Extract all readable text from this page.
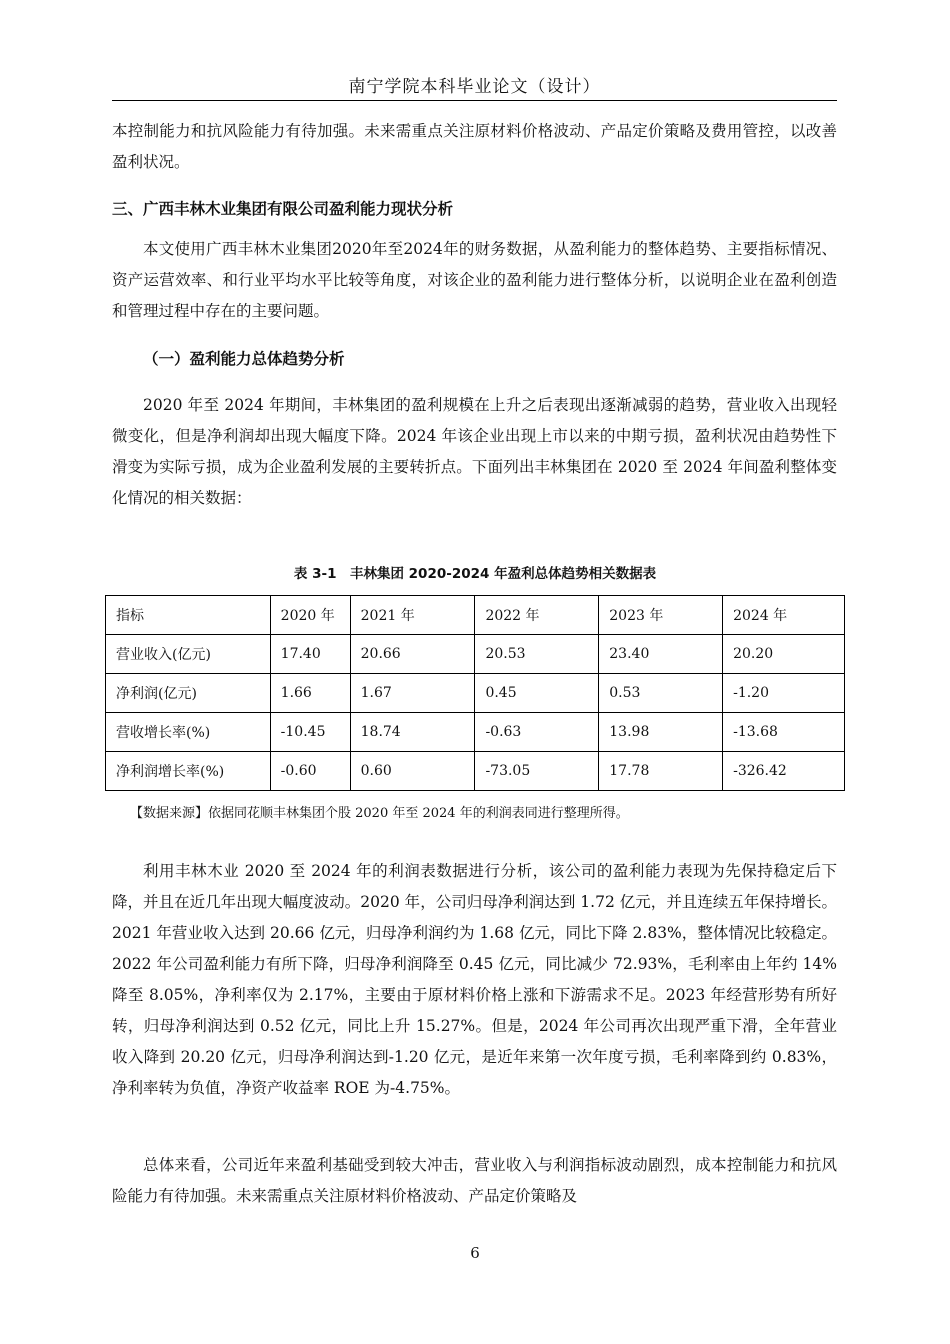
南宁学院本科毕业论文（设计）

本控制能力和抗风险能力有待加强。未来需重点关注原材料价格波动、产品定价策略及费用管控，以改善盈利状况。

三、广西丰林木业集团有限公司盈利能力现状分析

本文使用广西丰林木业集团2020年至2024年的财务数据，从盈利能力的整体趋势、主要指标情况、资产运营效率、和行业平均水平比较等角度，对该企业的盈利能力进行整体分析，以说明企业在盈利创造和管理过程中存在的主要问题。

（一）盈利能力总体趋势分析

2020 年至 2024 年期间，丰林集团的盈利规模在上升之后表现出逐渐减弱的趋势，营业收入出现轻微变化，但是净利润却出现大幅度下降。2024 年该企业出现上市以来的中期亏损，盈利状况由趋势性下滑变为实际亏损，成为企业盈利发展的主要转折点。下面列出丰林集团在 2020 至 2024 年间盈利整体变化情况的相关数据：

表 3-1　丰林集团 2020-2024 年盈利总体趋势相关数据表
指标	2020 年	2021 年	2022 年	2023 年	2024 年
营业收入(亿元)	17.40	20.66	20.53	23.40	20.20
净利润(亿元)	1.66	1.67	0.45	0.53	-1.20
营收增长率(%)	-10.45	18.74	-0.63	13.98	-13.68
净利润增长率(%)	-0.60	0.60	-73.05	17.78	-326.42
【数据来源】依据同花顺丰林集团个股 2020 年至 2024 年的利润表同进行整理所得。

利用丰林木业 2020 至 2024 年的利润表数据进行分析，该公司的盈利能力表现为先保持稳定后下降，并且在近几年出现大幅度波动。2020 年，公司归母净利润达到 1.72 亿元，并且连续五年保持增长。2021 年营业收入达到 20.66 亿元，归母净利润约为 1.68 亿元，同比下降 2.83%，整体情况比较稳定。2022 年公司盈利能力有所下降，归母净利润降至 0.45 亿元，同比减少 72.93%，毛利率由上年约 14%降至 8.05%，净利率仅为 2.17%，主要由于原材料价格上涨和下游需求不足。2023 年经营形势有所好转，归母净利润达到 0.52 亿元，同比上升 15.27%。但是，2024 年公司再次出现严重下滑，全年营业收入降到 20.20 亿元，归母净利润达到-1.20 亿元，是近年来第一次年度亏损，毛利率降到约 0.83%，净利率转为负值，净资产收益率 ROE 为-4.75%。

总体来看，公司近年来盈利基础受到较大冲击，营业收入与利润指标波动剧烈，成本控制能力和抗风险能力有待加强。未来需重点关注原材料价格波动、产品定价策略及

6
